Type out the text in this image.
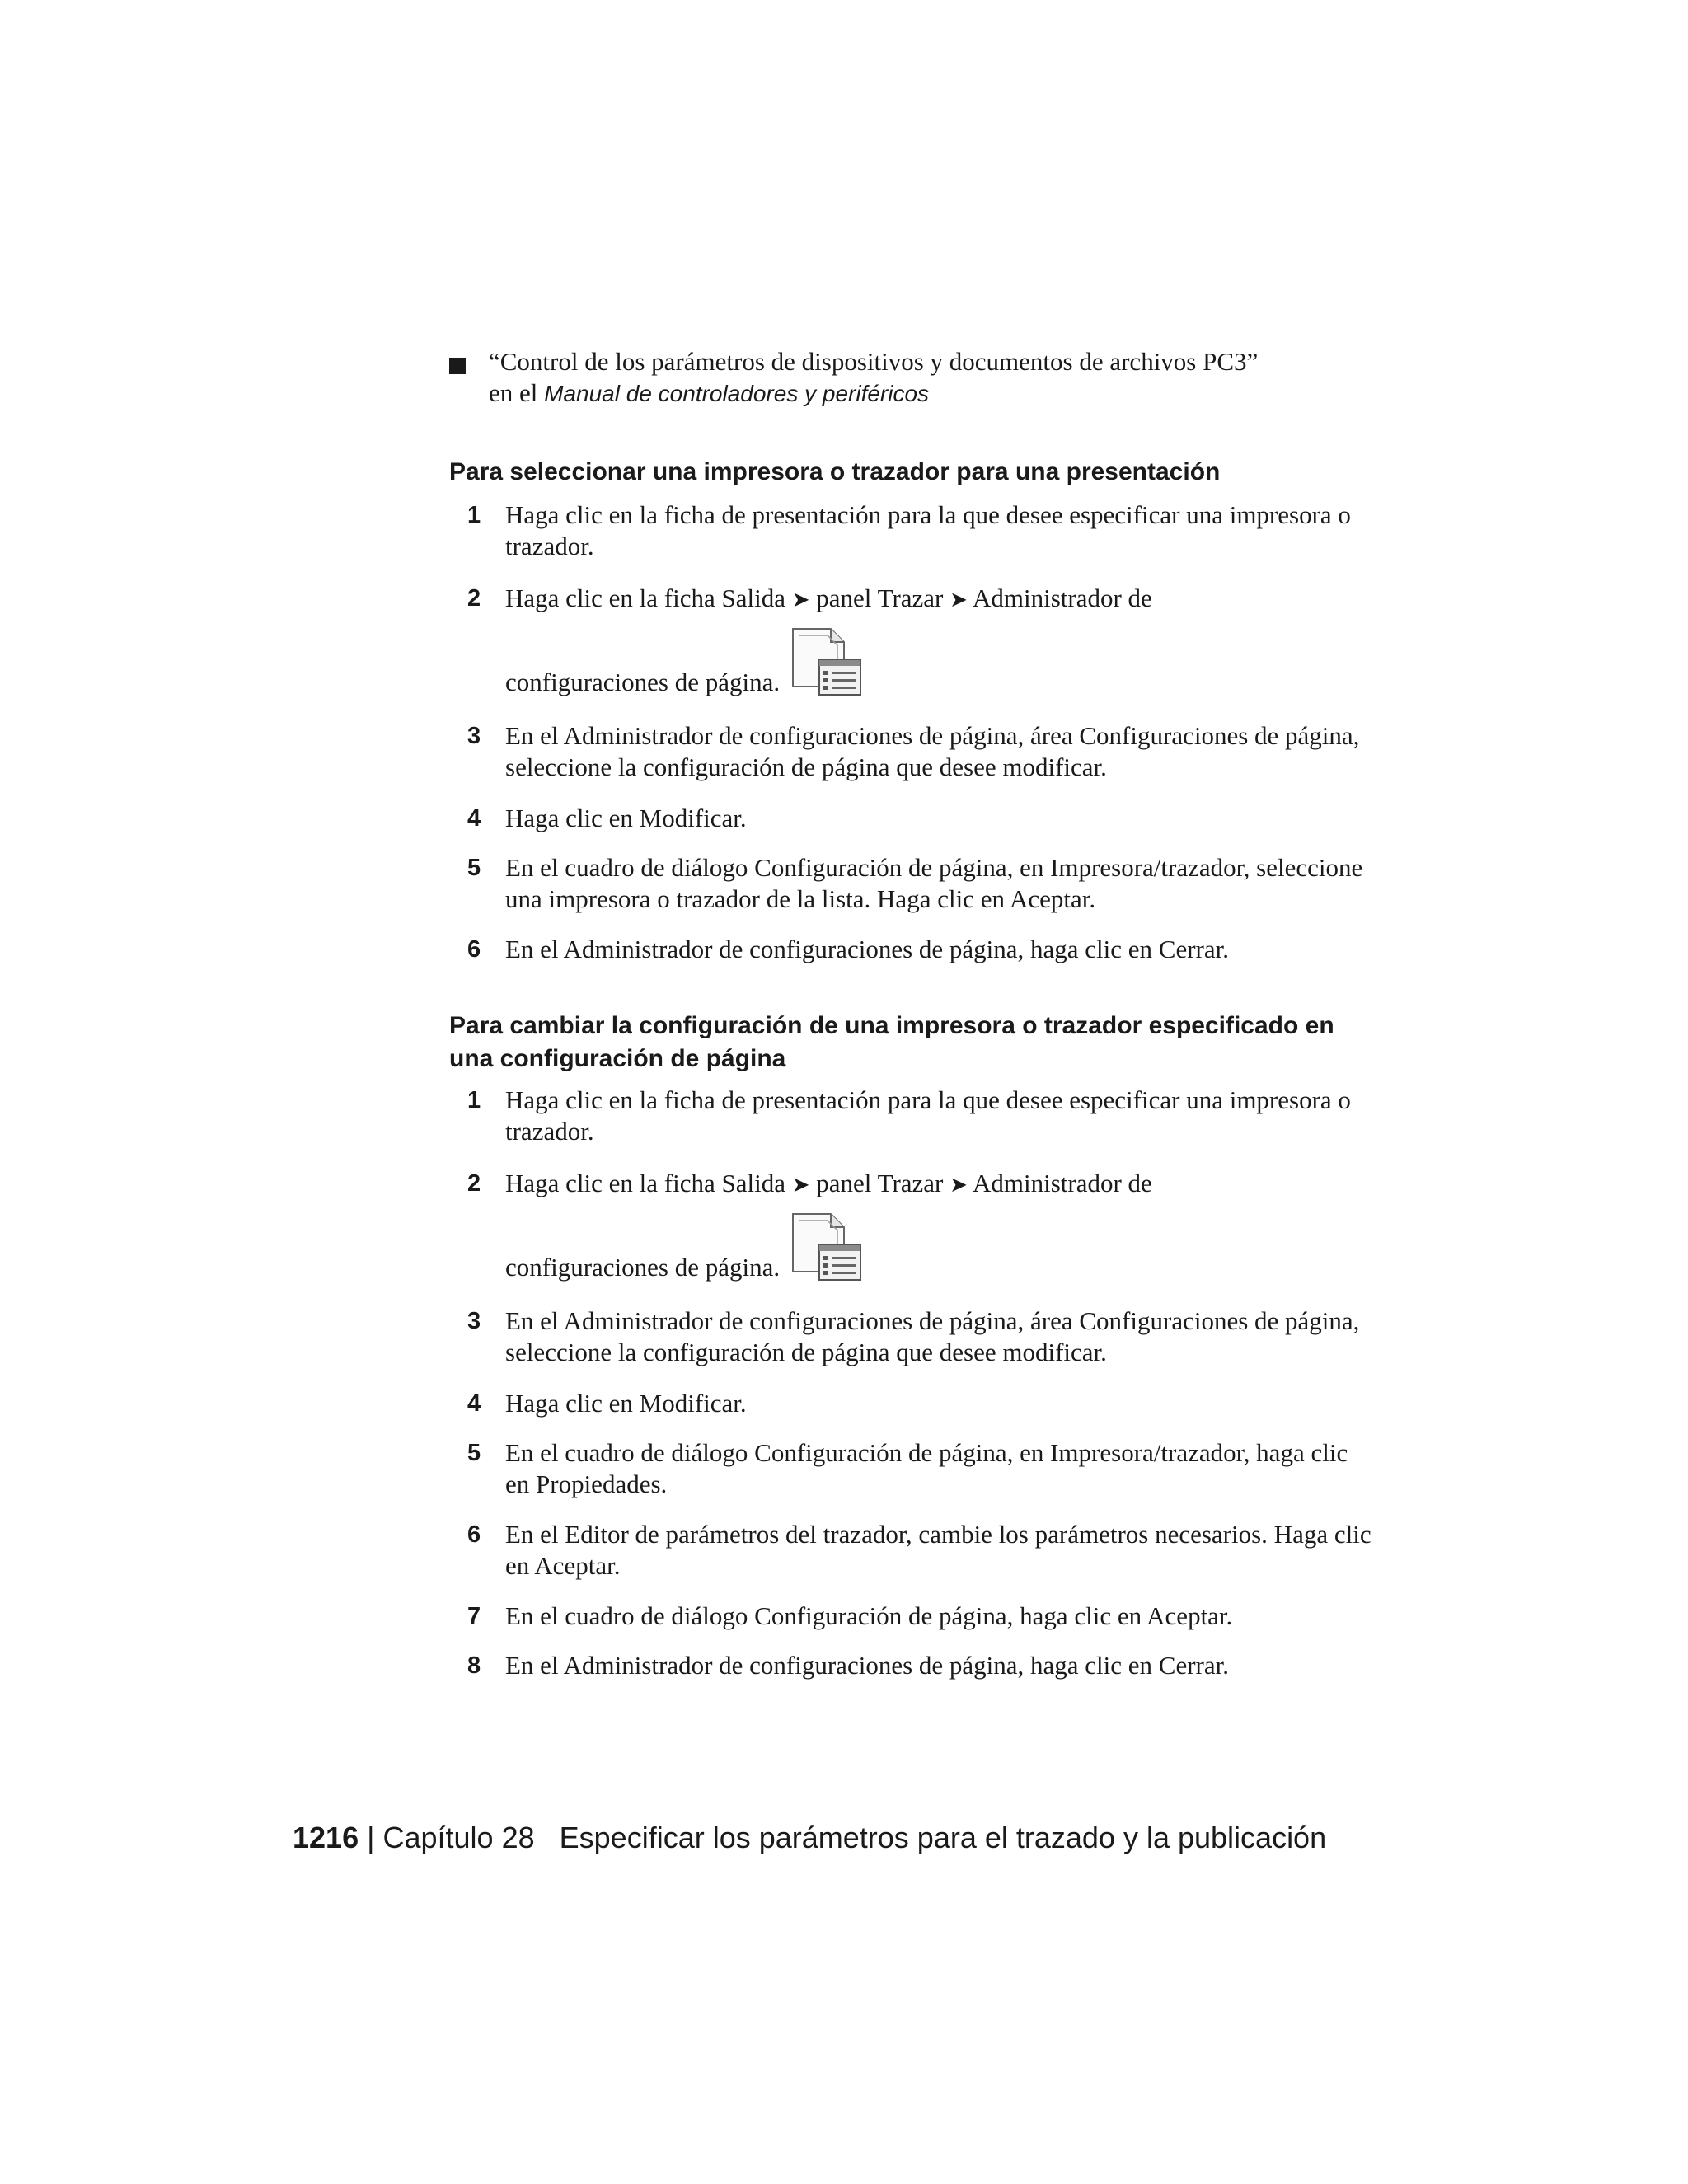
“Control de los parámetros de dispositivos y documentos de archivos PC3”
en el Manual de controladores y periféricos
Para seleccionar una impresora o trazador para una presentación
1 Haga clic en la ficha de presentación para la que desee especificar una impresora o trazador.
2 Haga clic en la ficha Salida ➤ panel Trazar ➤ Administrador de
configuraciones de página.
3 En el Administrador de configuraciones de página, área Configuraciones de página, seleccione la configuración de página que desee modificar.
4 Haga clic en Modificar.
5 En el cuadro de diálogo Configuración de página, en Impresora/trazador, seleccione una impresora o trazador de la lista. Haga clic en Aceptar.
6 En el Administrador de configuraciones de página, haga clic en Cerrar.
Para cambiar la configuración de una impresora o trazador especificado en una configuración de página
1 Haga clic en la ficha de presentación para la que desee especificar una impresora o trazador.
2 Haga clic en la ficha Salida ➤ panel Trazar ➤ Administrador de
configuraciones de página.
3 En el Administrador de configuraciones de página, área Configuraciones de página, seleccione la configuración de página que desee modificar.
4 Haga clic en Modificar.
5 En el cuadro de diálogo Configuración de página, en Impresora/trazador, haga clic en Propiedades.
6 En el Editor de parámetros del trazador, cambie los parámetros necesarios. Haga clic en Aceptar.
7 En el cuadro de diálogo Configuración de página, haga clic en Aceptar.
8 En el Administrador de configuraciones de página, haga clic en Cerrar.
1216 | Capítulo 28 Especificar los parámetros para el trazado y la publicación
